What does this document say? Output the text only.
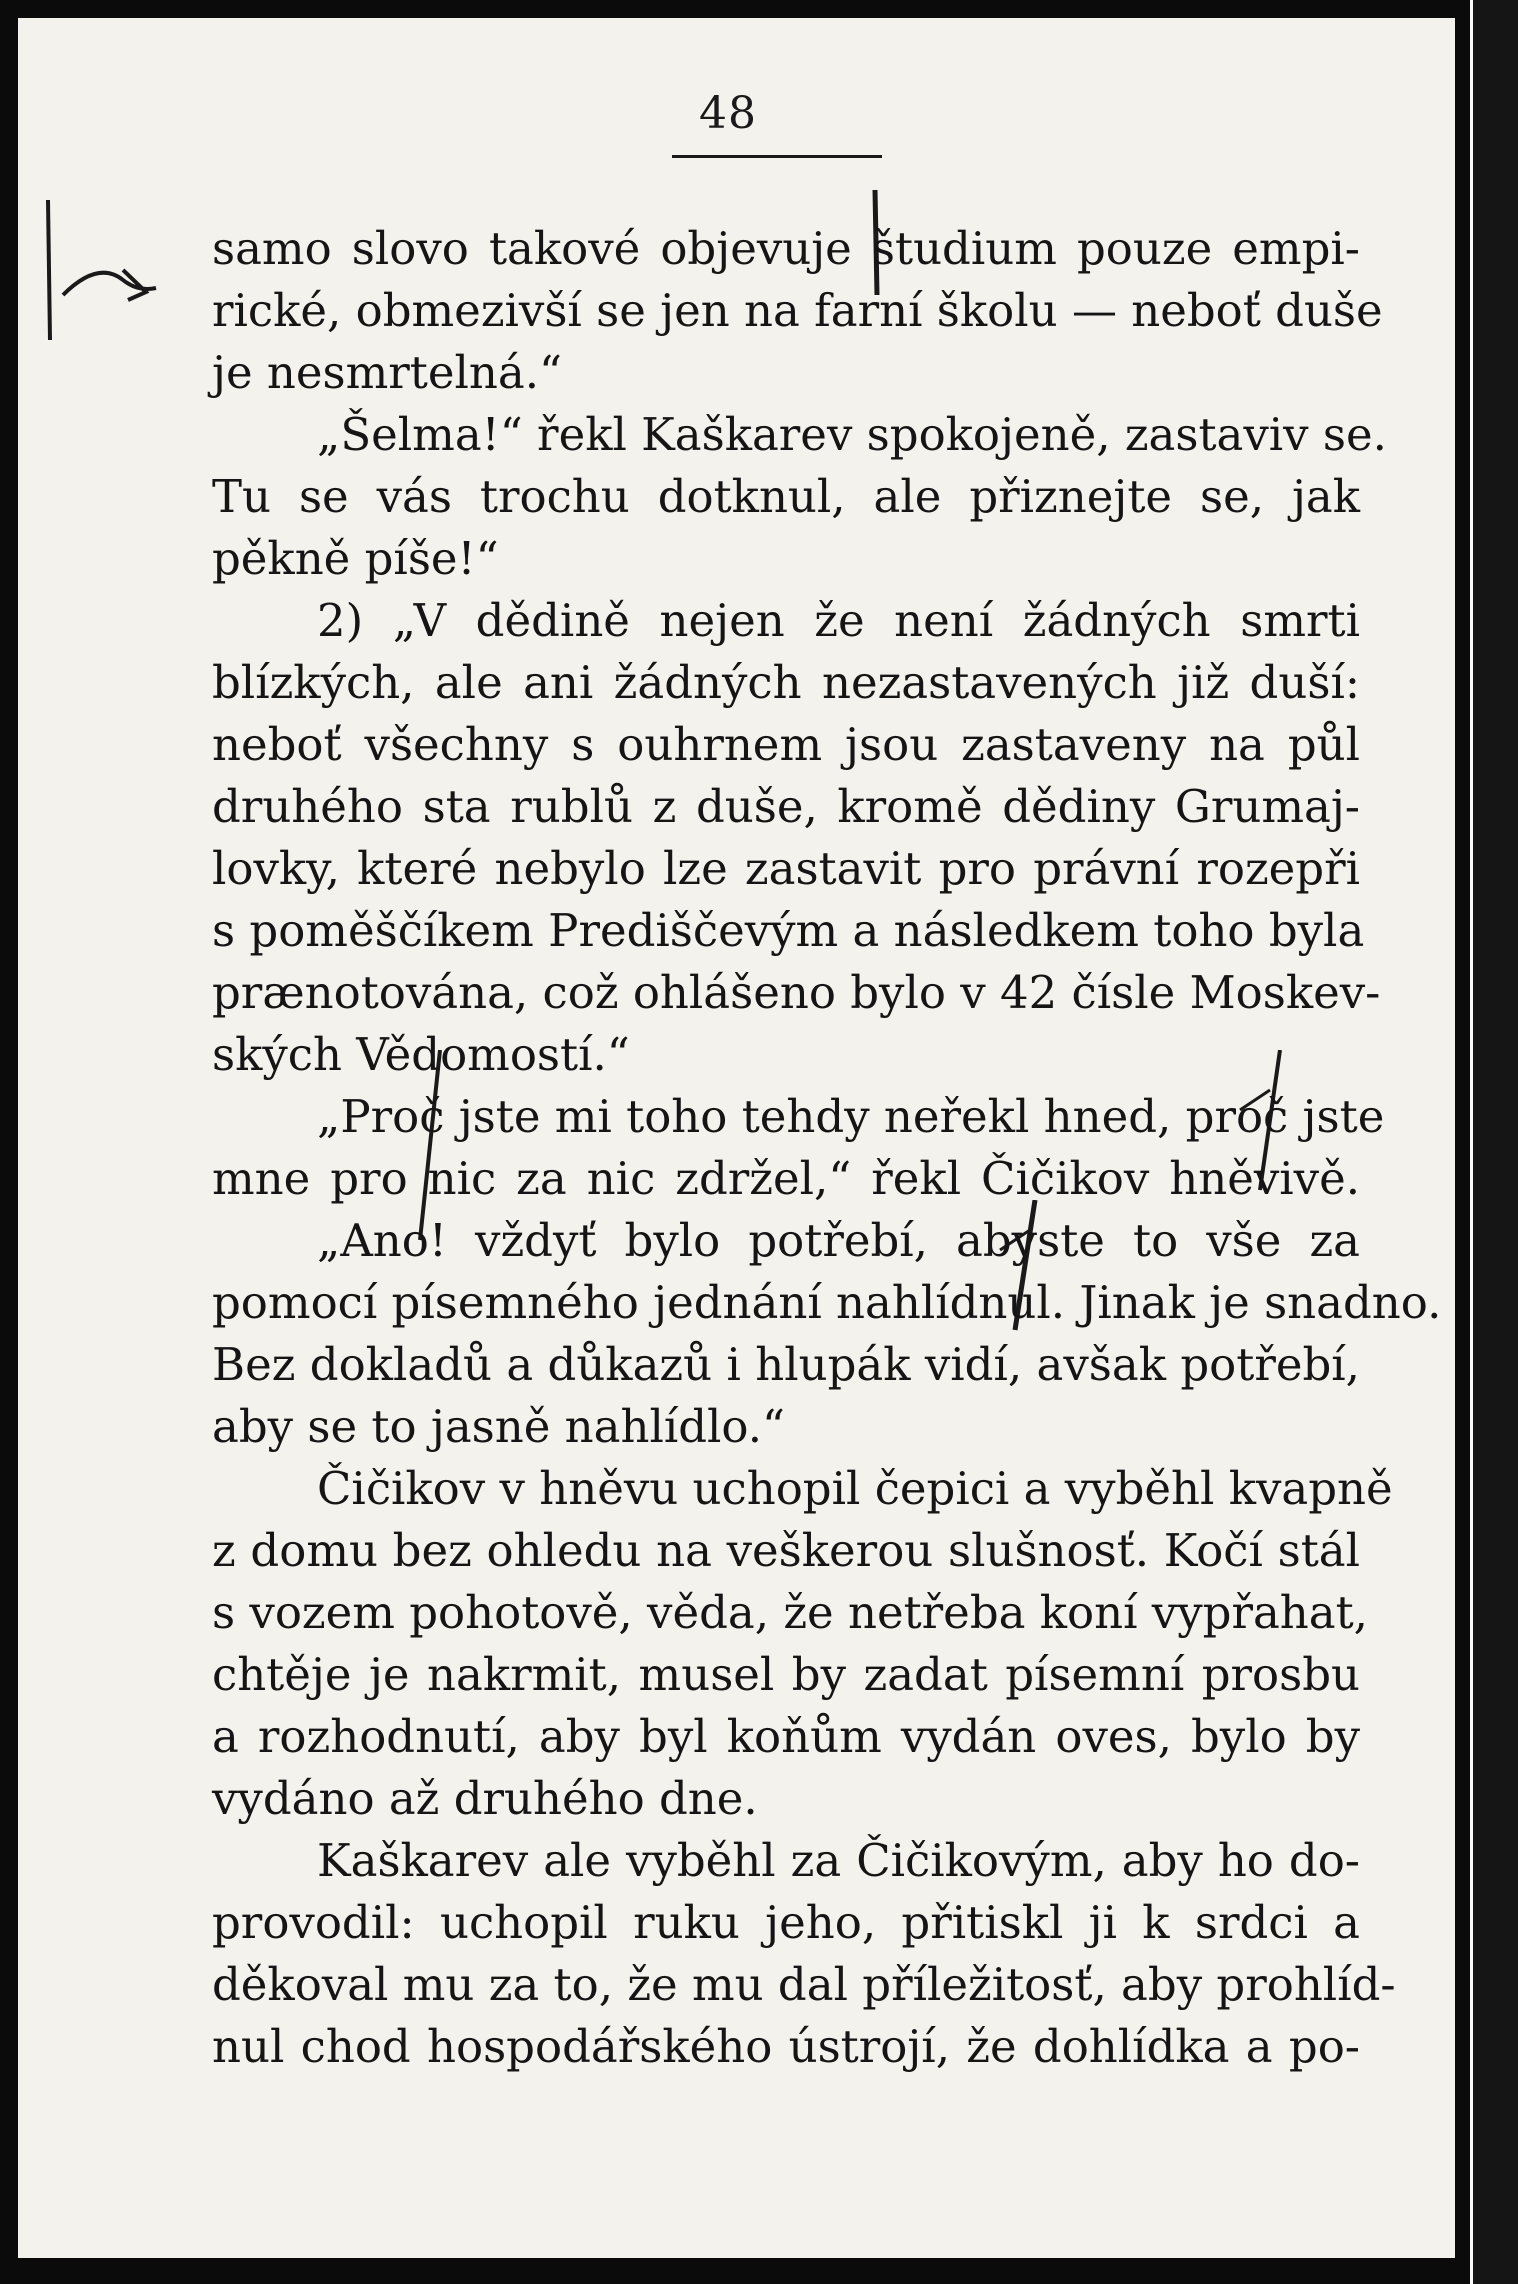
48
samo slovo takové objevuje študium pouze empi-
rické, obmezivší se jen na farní školu — neboť duše
je nesmrtelná.“
„Šelma!“ řekl Kaškarev spokojeně, zastaviv se.
Tu se vás trochu dotknul, ale přiznejte se, jak
pěkně píše!“
2) „V dědině nejen že není žádných smrti
blízkých, ale ani žádných nezastavených již duší:
neboť všechny s ouhrnem jsou zastaveny na půl
druhého sta rublů z duše, kromě dědiny Grumaj-
lovky, které nebylo lze zastavit pro právní rozepři
s poměščíkem Prediščevým a následkem toho byla
prænotována, což ohlášeno bylo v 42 čísle Moskev-
ských Vědomostí.“
„Proč jste mi toho tehdy neřekl hned, proč jste
mne pro nic za nic zdržel,“ řekl Čičikov hněvivě.
„Ano! vždyť bylo potřebí, abyste to vše za
pomocí písemného jednání nahlídnul. Jinak je snadno.
Bez dokladů a důkazů i hlupák vidí, avšak potřebí,
aby se to jasně nahlídlo.“
Čičikov v hněvu uchopil čepici a vyběhl kvapně
z domu bez ohledu na veškerou slušnosť. Kočí stál
s vozem pohotově, věda, že netřeba koní vypřahat,
chtěje je nakrmit, musel by zadat písemní prosbu
a rozhodnutí, aby byl koňům vydán oves, bylo by
vydáno až druhého dne.
Kaškarev ale vyběhl za Čičikovým, aby ho do-
provodil: uchopil ruku jeho, přitiskl ji k srdci a
děkoval mu za to, že mu dal příležitosť, aby prohlíd-
nul chod hospodářského ústrojí, že dohlídka a po-
